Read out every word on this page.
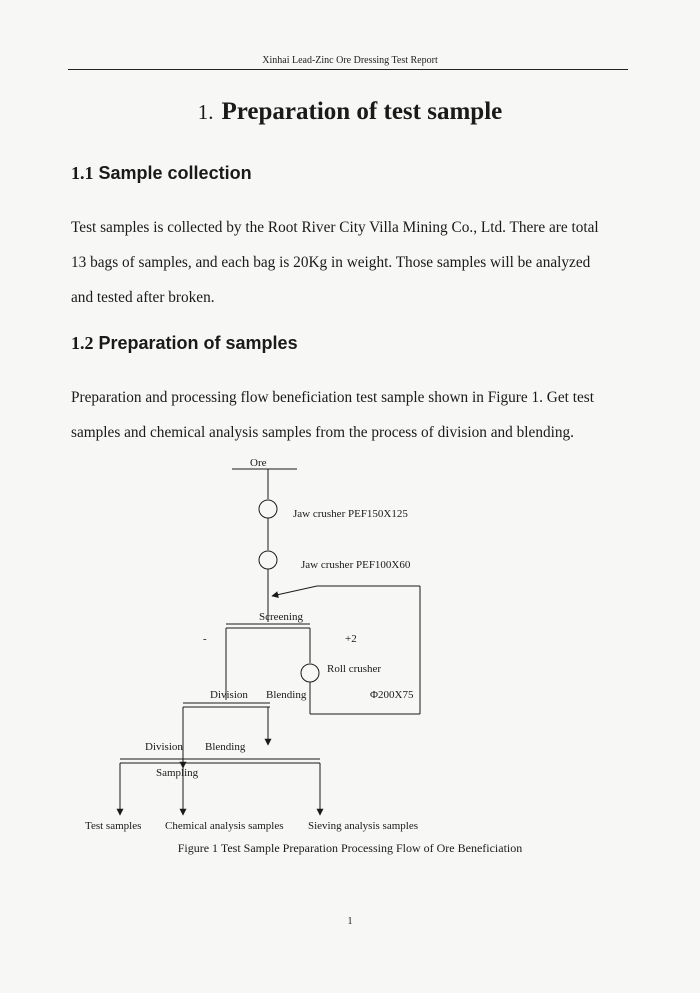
Xinhai Lead-Zinc Ore Dressing Test Report
1. Preparation of test sample
1.1 Sample collection
Test samples is collected by the Root River City Villa Mining Co., Ltd. There are total
13 bags of samples, and each bag is 20Kg in weight. Those samples will be analyzed
and tested after broken.
1.2 Preparation of samples
Preparation and processing flow beneficiation test sample shown in Figure 1. Get test
samples and chemical analysis samples from the process of division and blending.
Ore
Jaw crusher PEF150X125
Jaw crusher PEF100X60
Screening
-	+2
Roll crusher
Φ200X75
Division Blending
Division Blending
Sampling
Test samples Chemical analysis samples Sieving analysis samples
Figure 1 Test Sample Preparation Processing Flow of Ore Beneficiation
1
